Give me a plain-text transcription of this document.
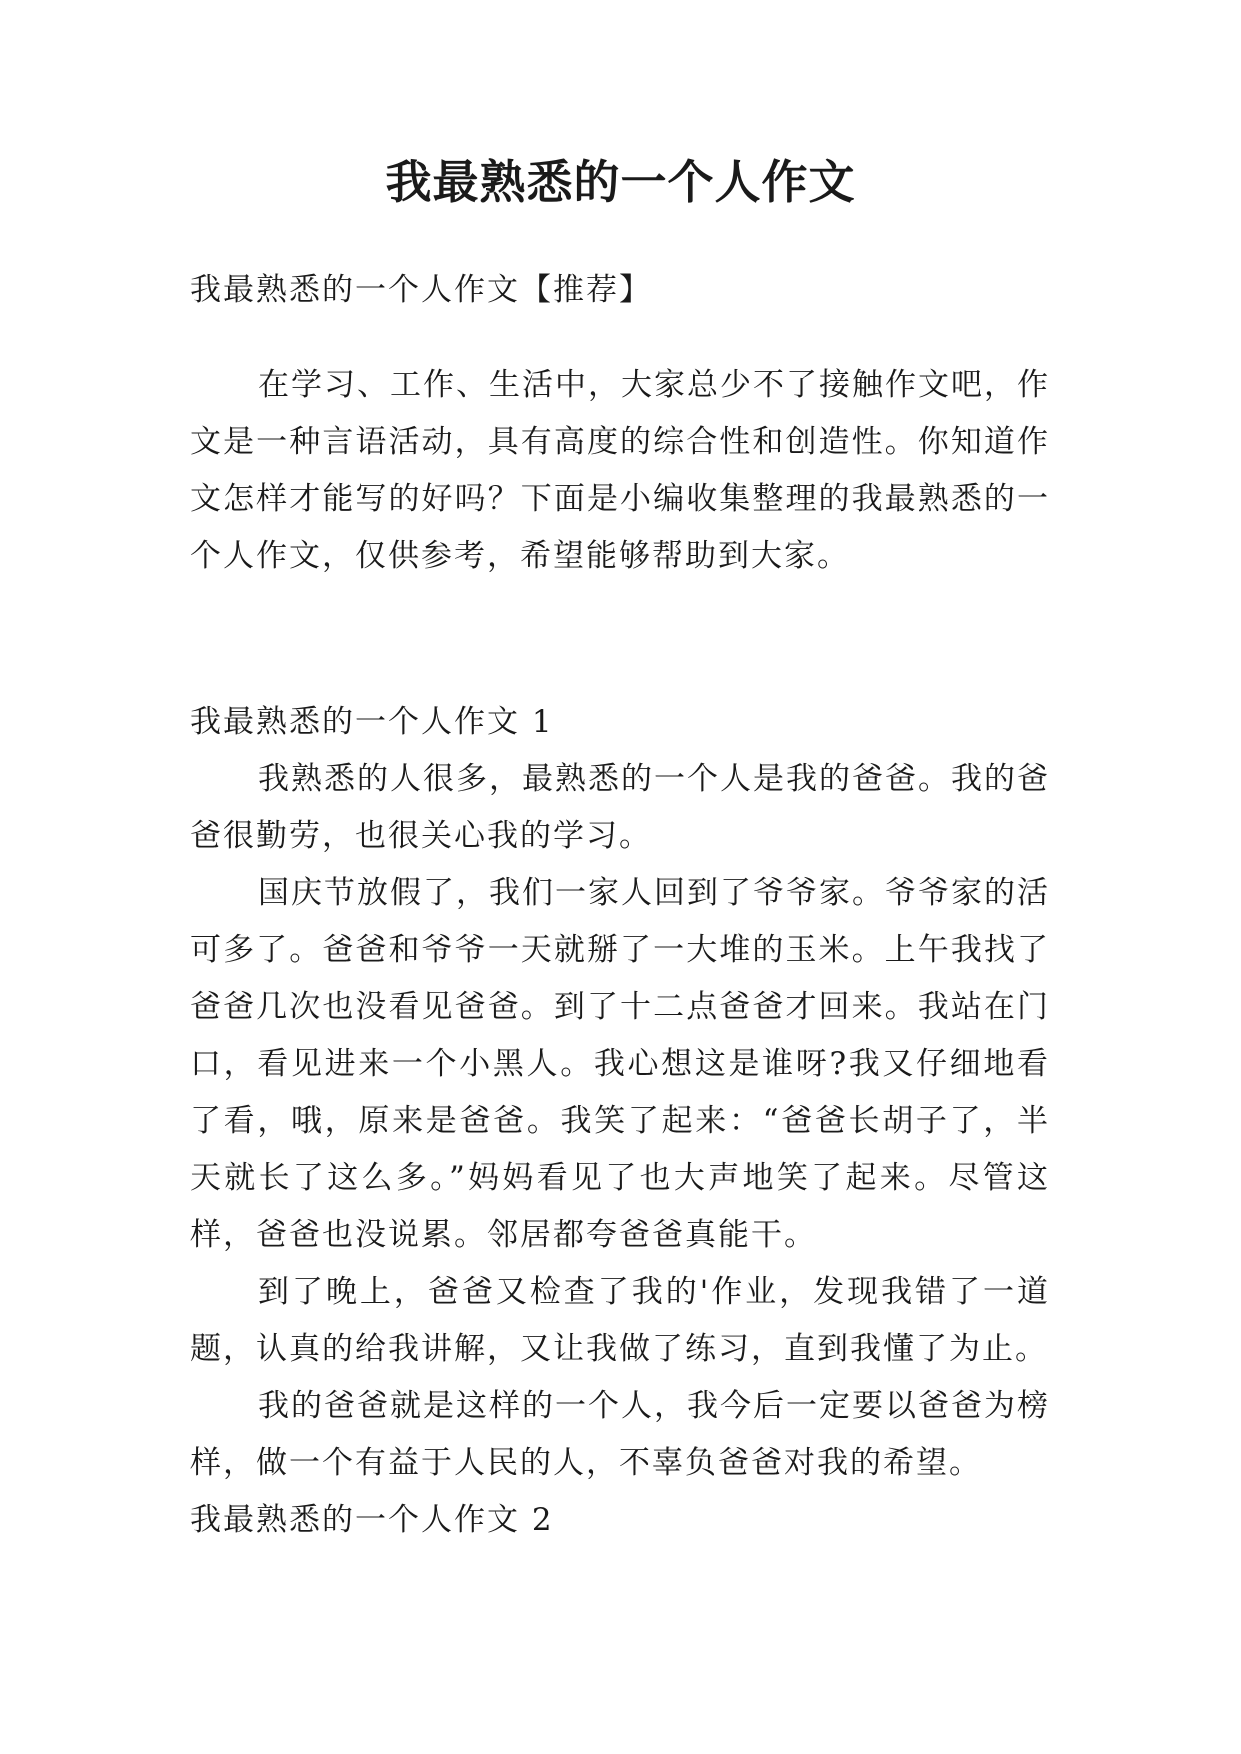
我最熟悉的一个人作文

我最熟悉的一个人作文【推荐】

在学习、工作、生活中，大家总少不了接触作文吧，作文是一种言语活动，具有高度的综合性和创造性。你知道作文怎样才能写的好吗？下面是小编收集整理的我最熟悉的一个人作文，仅供参考，希望能够帮助到大家。

我最熟悉的一个人作文 1

我熟悉的人很多，最熟悉的一个人是我的爸爸。我的爸爸很勤劳，也很关心我的学习。

国庆节放假了，我们一家人回到了爷爷家。爷爷家的活可多了。爸爸和爷爷一天就掰了一大堆的玉米。上午我找了爸爸几次也没看见爸爸。到了十二点爸爸才回来。我站在门口，看见进来一个小黑人。我心想这是谁呀?我又仔细地看了看，哦，原来是爸爸。我笑了起来：“爸爸长胡子了，半天就长了这么多。”妈妈看见了也大声地笑了起来。尽管这样，爸爸也没说累。邻居都夸爸爸真能干。

到了晚上，爸爸又检查了我的'作业，发现我错了一道题，认真的给我讲解，又让我做了练习，直到我懂了为止。

我的爸爸就是这样的一个人，我今后一定要以爸爸为榜样，做一个有益于人民的人，不辜负爸爸对我的希望。

我最熟悉的一个人作文 2
